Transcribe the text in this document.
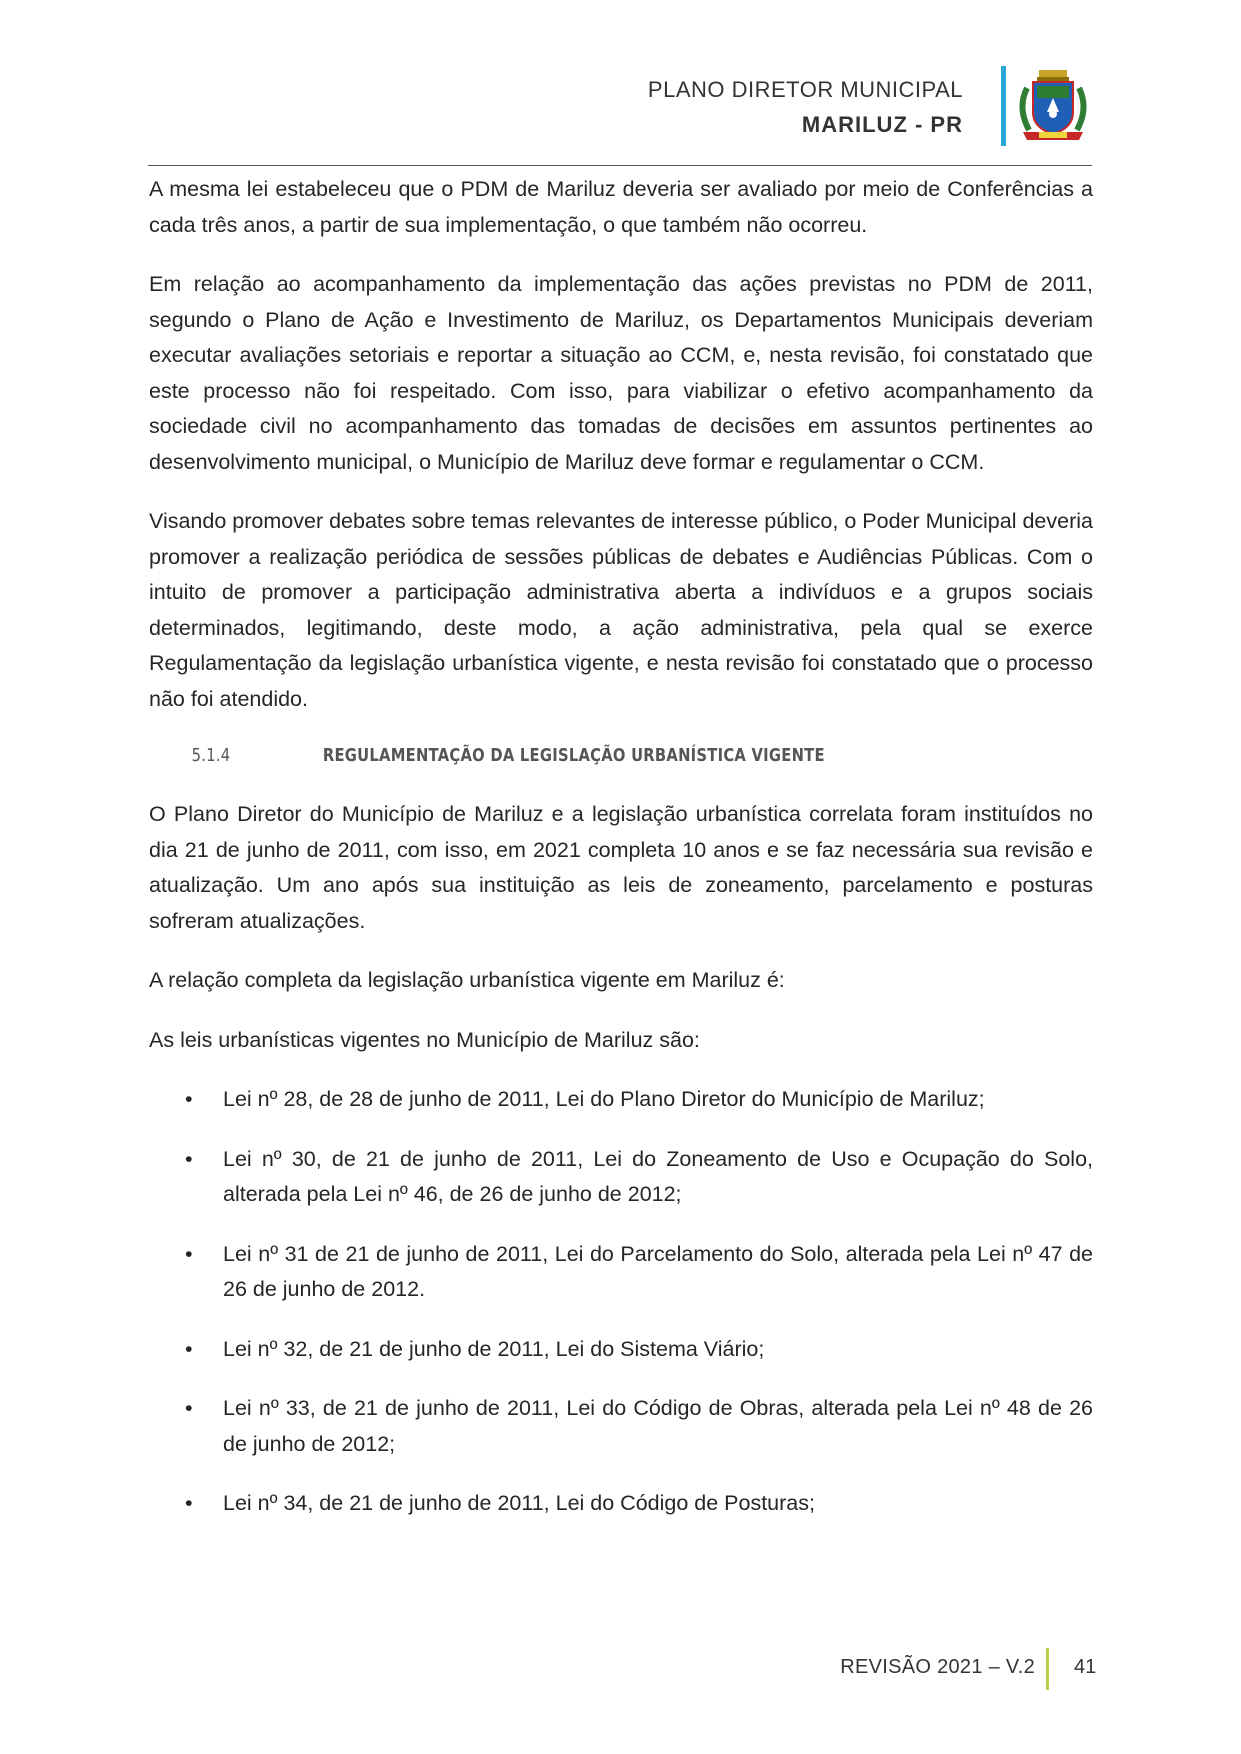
PLANO DIRETOR MUNICIPAL
MARILUZ - PR

A mesma lei estabeleceu que o PDM de Mariluz deveria ser avaliado por meio de Conferências a cada três anos, a partir de sua implementação, o que também não ocorreu.

Em relação ao acompanhamento da implementação das ações previstas no PDM de 2011, segundo o Plano de Ação e Investimento de Mariluz, os Departamentos Municipais deveriam executar avaliações setoriais e reportar a situação ao CCM, e, nesta revisão, foi constatado que este processo não foi respeitado. Com isso, para viabilizar o efetivo acompanhamento da sociedade civil no acompanhamento das tomadas de decisões em assuntos pertinentes ao desenvolvimento municipal, o Município de Mariluz deve formar e regulamentar o CCM.

Visando promover debates sobre temas relevantes de interesse público, o Poder Municipal deveria promover a realização periódica de sessões públicas de debates e Audiências Públicas. Com o intuito de promover a participação administrativa aberta a indivíduos e a grupos sociais determinados, legitimando, deste modo, a ação administrativa, pela qual se exerce Regulamentação da legislação urbanística vigente, e nesta revisão foi constatado que o processo não foi atendido.

5.1.4	REGULAMENTAÇÃO DA LEGISLAÇÃO URBANÍSTICA VIGENTE

O Plano Diretor do Município de Mariluz e a legislação urbanística correlata foram instituídos no dia 21 de junho de 2011, com isso, em 2021 completa 10 anos e se faz necessária sua revisão e atualização. Um ano após sua instituição as leis de zoneamento, parcelamento e posturas sofreram atualizações.

A relação completa da legislação urbanística vigente em Mariluz é:

As leis urbanísticas vigentes no Município de Mariluz são:

• Lei nº 28, de 28 de junho de 2011, Lei do Plano Diretor do Município de Mariluz;
• Lei nº 30, de 21 de junho de 2011, Lei do Zoneamento de Uso e Ocupação do Solo, alterada pela Lei nº 46, de 26 de junho de 2012;
• Lei nº 31 de 21 de junho de 2011, Lei do Parcelamento do Solo, alterada pela Lei nº 47 de 26 de junho de 2012.
• Lei nº 32, de 21 de junho de 2011, Lei do Sistema Viário;
• Lei nº 33, de 21 de junho de 2011, Lei do Código de Obras, alterada pela Lei nº 48 de 26 de junho de 2012;
• Lei nº 34, de 21 de junho de 2011, Lei do Código de Posturas;
REVISÃO 2021 – V.2 41
